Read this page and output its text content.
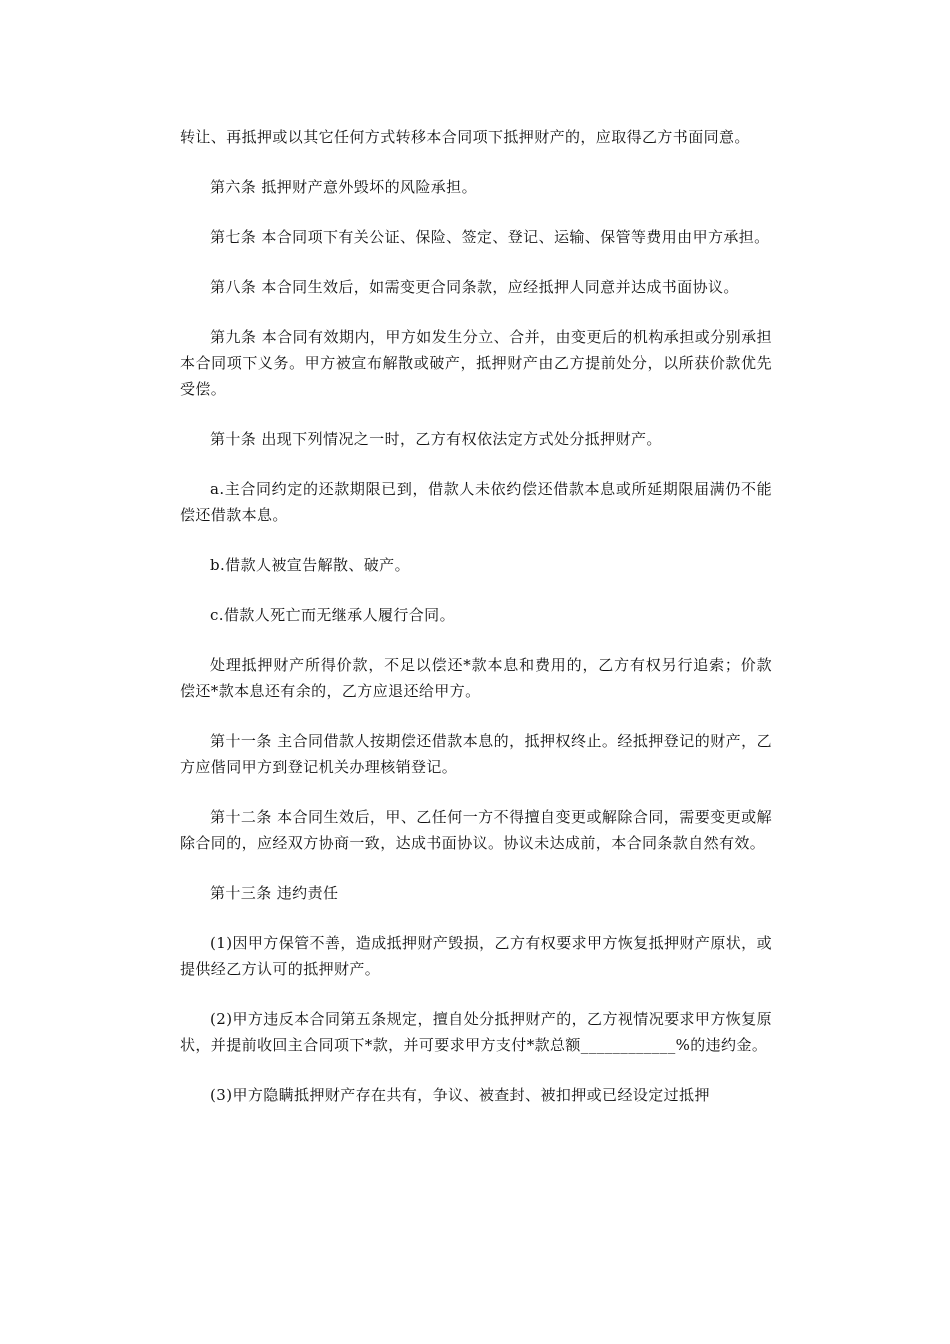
转让、再抵押或以其它任何方式转移本合同项下抵押财产的，应取得乙方书面同意。

第六条 抵押财产意外毁坏的风险承担。

第七条 本合同项下有关公证、保险、签定、登记、运输、保管等费用由甲方承担。

第八条 本合同生效后，如需变更合同条款，应经抵押人同意并达成书面协议。

第九条 本合同有效期内，甲方如发生分立、合并，由变更后的机构承担或分别承担本合同项下义务。甲方被宣布解散或破产，抵押财产由乙方提前处分，以所获价款优先受偿。

第十条 出现下列情况之一时，乙方有权依法定方式处分抵押财产。

a.主合同约定的还款期限已到，借款人未依约偿还借款本息或所延期限届满仍不能偿还借款本息。

b.借款人被宣告解散、破产。

c.借款人死亡而无继承人履行合同。

处理抵押财产所得价款，不足以偿还*款本息和费用的，乙方有权另行追索；价款偿还*款本息还有余的，乙方应退还给甲方。

第十一条 主合同借款人按期偿还借款本息的，抵押权终止。经抵押登记的财产，乙方应偕同甲方到登记机关办理核销登记。

第十二条 本合同生效后，甲、乙任何一方不得擅自变更或解除合同，需要变更或解除合同的，应经双方协商一致，达成书面协议。协议未达成前，本合同条款自然有效。

第十三条 违约责任

(1)因甲方保管不善，造成抵押财产毁损，乙方有权要求甲方恢复抵押财产原状，或提供经乙方认可的抵押财产。

(2)甲方违反本合同第五条规定，擅自处分抵押财产的，乙方视情况要求甲方恢复原状，并提前收回主合同项下*款，并可要求甲方支付*款总额____________%的违约金。

(3)甲方隐瞒抵押财产存在共有，争议、被查封、被扣押或已经设定过抵押
